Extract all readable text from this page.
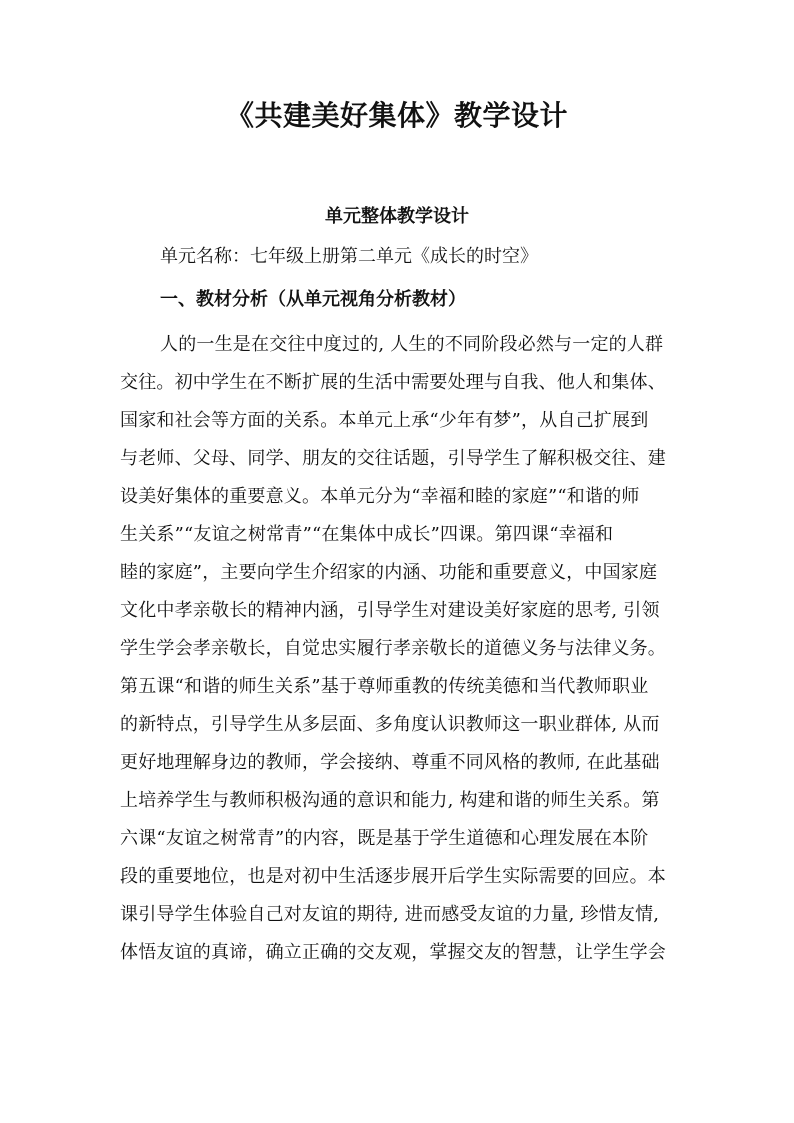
《共建美好集体》教学设计
单元整体教学设计

单元名称：七年级上册第二单元《成长的时空》

一、教材分析（从单元视角分析教材）

人的一生是在交往中度过的, 人生的不同阶段必然与一定的人群
交往。初中学生在不断扩展的生活中需要处理与自我、他人和集体、
国家和社会等方面的关系。本单元上承“少年有梦”，从自己扩展到
与老师、父母、同学、朋友的交往话题，引导学生了解积极交往、建
设美好集体的重要意义。本单元分为“幸福和睦的家庭”“和谐的师
生关系”“友谊之树常青”“在集体中成长”四课。第四课“幸福和
睦的家庭”，主要向学生介绍家的内涵、功能和重要意义，中国家庭
文化中孝亲敬长的精神内涵，引导学生对建设美好家庭的思考, 引领
学生学会孝亲敬长，自觉忠实履行孝亲敬长的道德义务与法律义务。
第五课“和谐的师生关系”基于尊师重教的传统美德和当代教师职业
的新特点，引导学生从多层面、多角度认识教师这一职业群体, 从而
更好地理解身边的教师，学会接纳、尊重不同风格的教师, 在此基础
上培养学生与教师积极沟通的意识和能力, 构建和谐的师生关系。第
六课“友谊之树常青”的内容，既是基于学生道德和心理发展在本阶
段的重要地位，也是对初中生活逐步展开后学生实际需要的回应。本
课引导学生体验自己对友谊的期待, 进而感受友谊的力量, 珍惜友情,
体悟友谊的真谛，确立正确的交友观，掌握交友的智慧，让学生学会
